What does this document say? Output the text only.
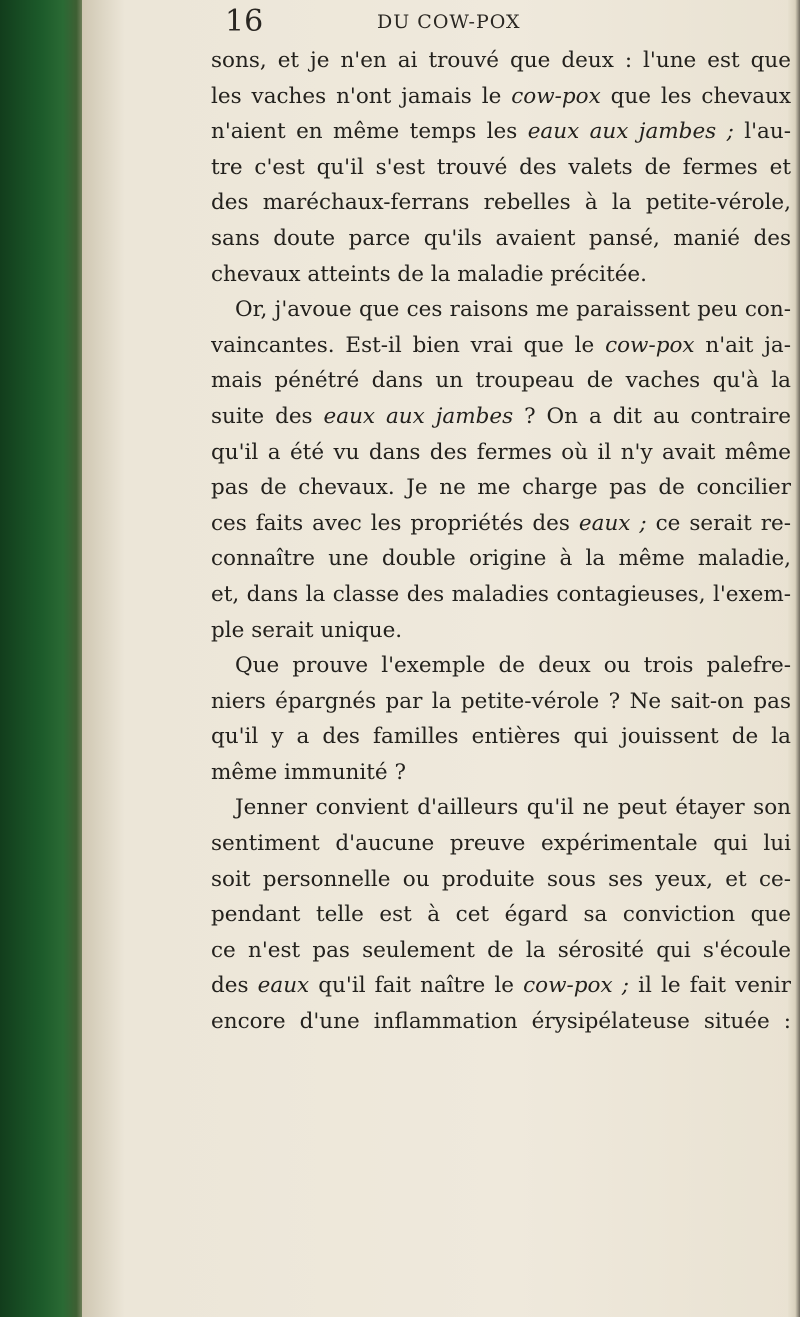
16	DU COW-POX
sons, et je n'en ai trouvé que deux : l'une est que
les vaches n'ont jamais le cow-pox que les chevaux
n'aient en même temps les eaux aux jambes ; l'au-
tre c'est qu'il s'est trouvé des valets de fermes et
des maréchaux-ferrans rebelles à la petite-vérole,
sans doute parce qu'ils avaient pansé, manié des
chevaux atteints de la maladie précitée.
Or, j'avoue que ces raisons me paraissent peu con-
vaincantes. Est-il bien vrai que le cow-pox n'ait ja-
mais pénétré dans un troupeau de vaches qu'à la
suite des eaux aux jambes ? On a dit au contraire
qu'il a été vu dans des fermes où il n'y avait même
pas de chevaux. Je ne me charge pas de concilier
ces faits avec les propriétés des eaux ; ce serait re-
connaître une double origine à la même maladie,
et, dans la classe des maladies contagieuses, l'exem-
ple serait unique.
Que prouve l'exemple de deux ou trois palefre-
niers épargnés par la petite-vérole ? Ne sait-on pas
qu'il y a des familles entières qui jouissent de la
même immunité ?
Jenner convient d'ailleurs qu'il ne peut étayer son
sentiment d'aucune preuve expérimentale qui lui
soit personnelle ou produite sous ses yeux, et ce-
pendant telle est à cet égard sa conviction que
ce n'est pas seulement de la sérosité qui s'écoule
des eaux qu'il fait naître le cow-pox ; il le fait venir
encore d'une inflammation érysipélateuse située :
